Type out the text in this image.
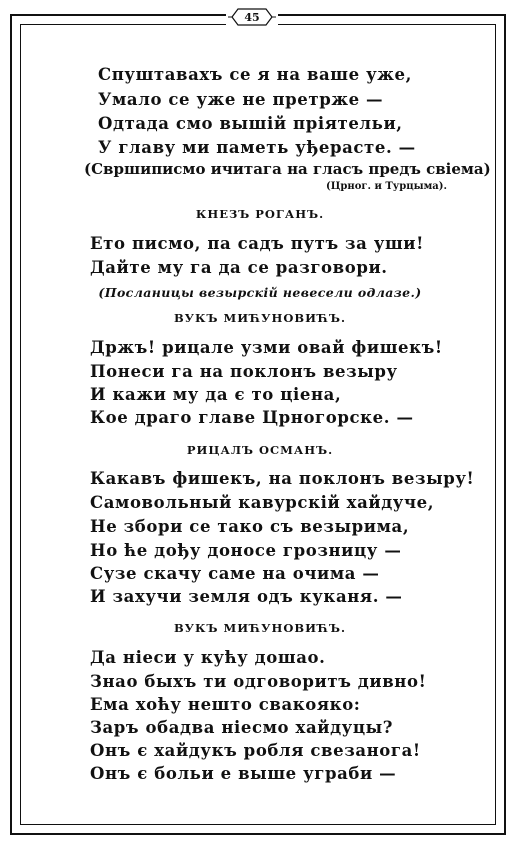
45
Спуштавахъ се я на ваше уже,
Умало се уже не претрже —
Одтада смо вышій прiятельи,
У главу ми паметь уђерасте. —
(Свршиписмо ичитага на гласъ предъ свiема)
(Црног. и Турцыма).
КНЕЗЪ РОГАНЪ.
Ето писмо, па садъ путъ за уши!
Дайте му га да се разговори.
(Посланицы везырскiй невесели одлазе.)
ВУКЪ МИЋУНОВИЋЪ.
Држъ! рицале узми овай фишекъ!
Понеси га на поклонъ везыру
И кажи му да є то цiена,
Кое драго главе Црногорске. —
РИЦАЛЪ ОСМАНЪ.
Какавъ фишекъ, на поклонъ везыру!
Самовольный кавурскiй хайдуче,
Не збори се тако съ везырима,
Но ће дођу доносе грозницу —
Сузе скачу саме на очима —
И захучи земля одъ куканя. —
ВУКЪ МИЋУНОВИЋЪ.
Да нiеси у кућу дошао.
Знао быхъ ти одговоритъ дивно!
Ема хоћу нешто свакояко:
Заръ обадва нiесмо хайдуцы?
Онъ є хайдукъ робля свезанога!
Онъ є больи е выше уграби —
